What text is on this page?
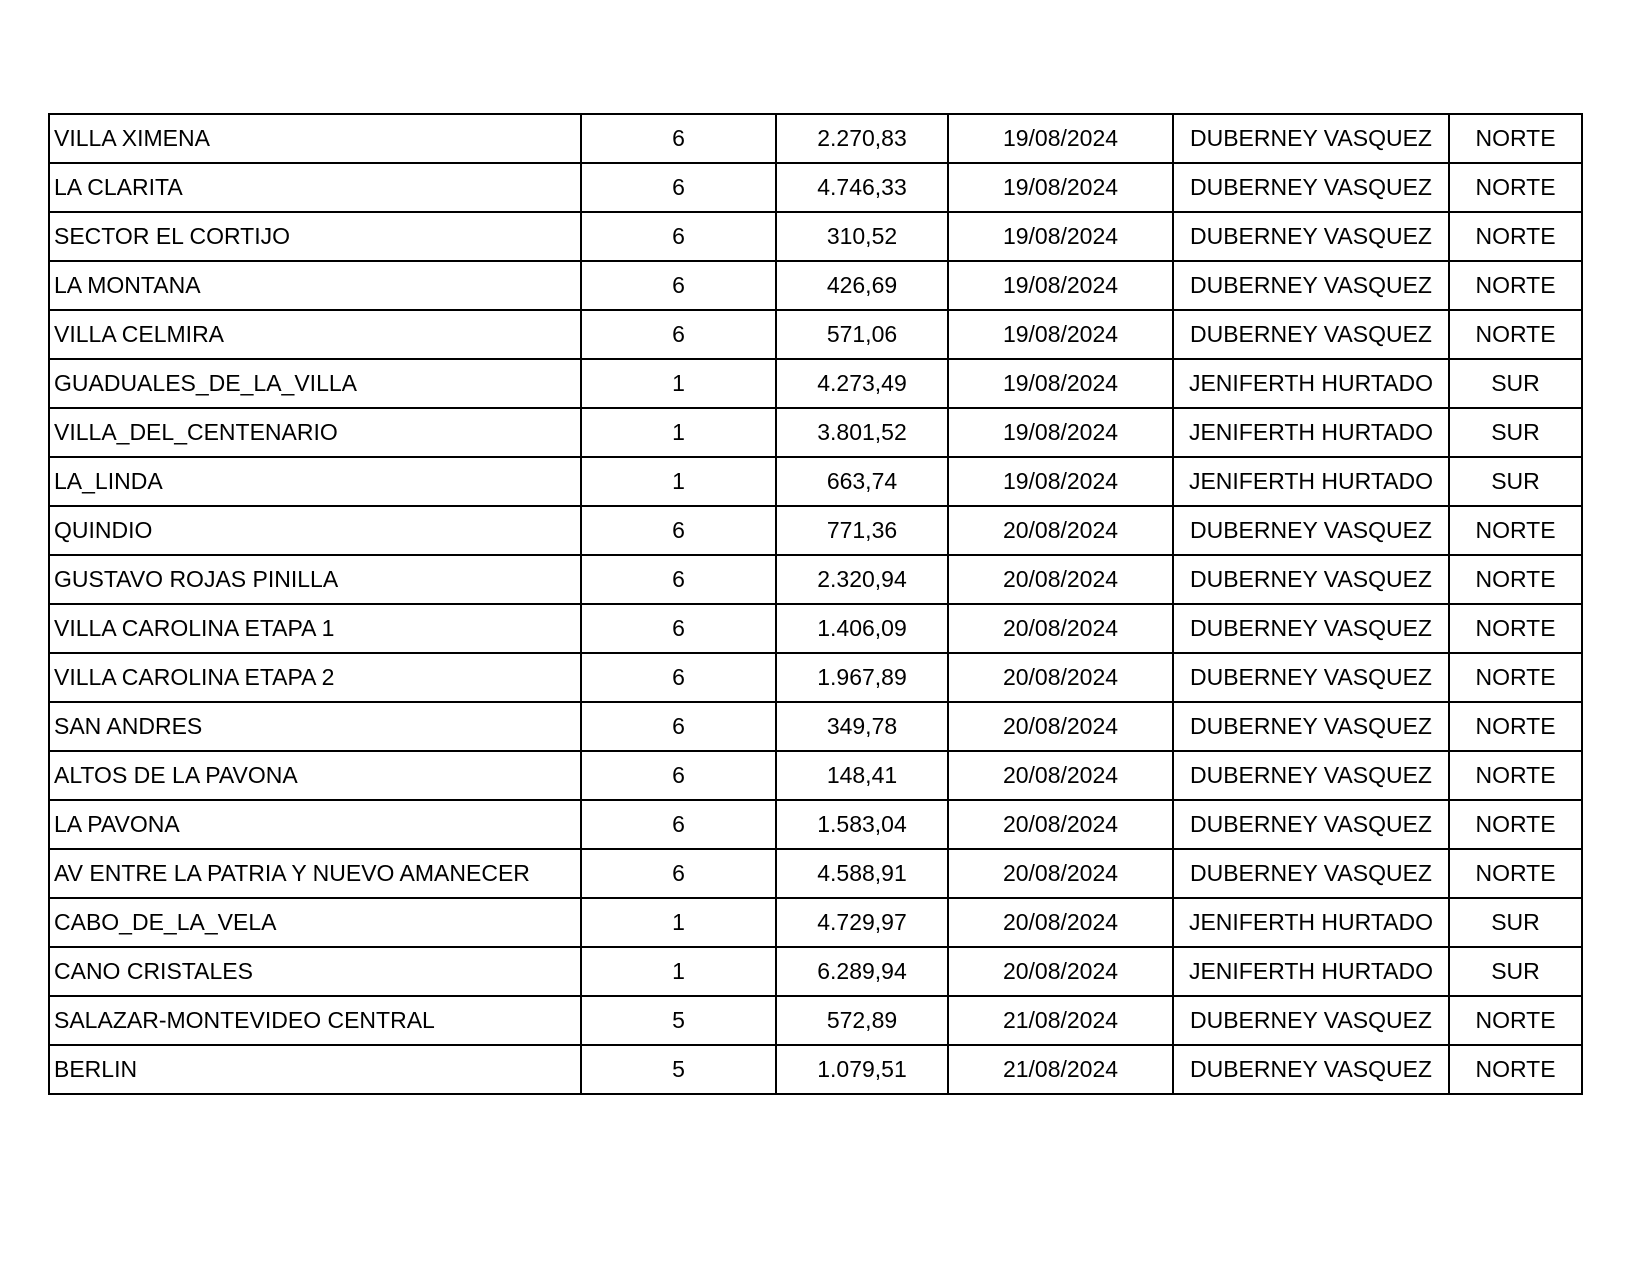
VILLA XIMENA	6	2.270,83	19/08/2024	DUBERNEY VASQUEZ	NORTE
LA CLARITA	6	4.746,33	19/08/2024	DUBERNEY VASQUEZ	NORTE
SECTOR EL CORTIJO	6	310,52	19/08/2024	DUBERNEY VASQUEZ	NORTE
LA MONTANA	6	426,69	19/08/2024	DUBERNEY VASQUEZ	NORTE
VILLA CELMIRA	6	571,06	19/08/2024	DUBERNEY VASQUEZ	NORTE
GUADUALES_DE_LA_VILLA	1	4.273,49	19/08/2024	JENIFERTH HURTADO	SUR
VILLA_DEL_CENTENARIO	1	3.801,52	19/08/2024	JENIFERTH HURTADO	SUR
LA_LINDA	1	663,74	19/08/2024	JENIFERTH HURTADO	SUR
QUINDIO	6	771,36	20/08/2024	DUBERNEY VASQUEZ	NORTE
GUSTAVO ROJAS PINILLA	6	2.320,94	20/08/2024	DUBERNEY VASQUEZ	NORTE
VILLA CAROLINA ETAPA 1	6	1.406,09	20/08/2024	DUBERNEY VASQUEZ	NORTE
VILLA CAROLINA ETAPA 2	6	1.967,89	20/08/2024	DUBERNEY VASQUEZ	NORTE
SAN ANDRES	6	349,78	20/08/2024	DUBERNEY VASQUEZ	NORTE
ALTOS DE LA PAVONA	6	148,41	20/08/2024	DUBERNEY VASQUEZ	NORTE
LA PAVONA	6	1.583,04	20/08/2024	DUBERNEY VASQUEZ	NORTE
AV ENTRE LA PATRIA Y NUEVO AMANECER	6	4.588,91	20/08/2024	DUBERNEY VASQUEZ	NORTE
CABO_DE_LA_VELA	1	4.729,97	20/08/2024	JENIFERTH HURTADO	SUR
CANO CRISTALES	1	6.289,94	20/08/2024	JENIFERTH HURTADO	SUR
SALAZAR-MONTEVIDEO CENTRAL	5	572,89	21/08/2024	DUBERNEY VASQUEZ	NORTE
BERLIN	5	1.079,51	21/08/2024	DUBERNEY VASQUEZ	NORTE
